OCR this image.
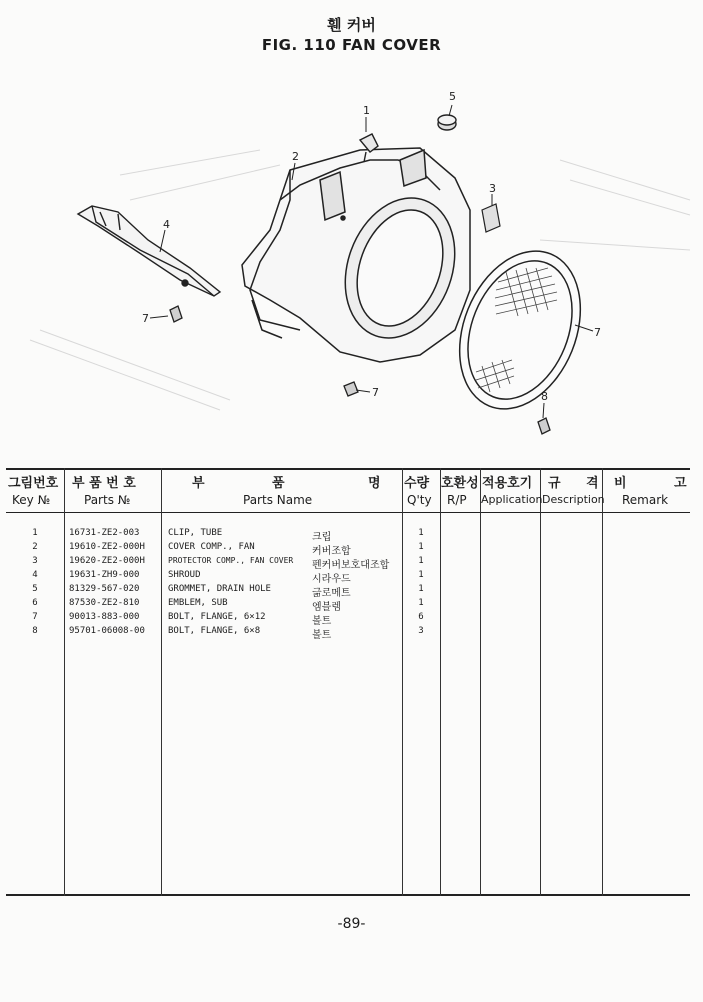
휀 커버
FIG. 110 FAN COVER
1
2
3
4
5
7
7
7
8
그림번호 부 품 번 호	부	품	명 수량 호환성 적용호기 규 격 비	고
Key №	Parts №	Parts Name	Q'ty R/P Application Description Remark
1	16731-ZE2-003	CLIP, TUBE	크립	1
2	19610-ZE2-000H	COVER COMP., FAN	커버조합	1
3	19620-ZE2-000H	PROTECTOR COMP., FAN COVER 펜커버보호대조합	1
4	19631-ZH9-000	SHROUD	시라우드	1
5	81329-567-020	GROMMET, DRAIN HOLE	긂로메트	1
6	87530-ZE2-810	EMBLEM, SUB	엠블렘	1
7	90013-883-000	BOLT, FLANGE, 6×12	볼트	6
8	95701-06008-00	BOLT, FLANGE, 6×8	볼트	3
-89-
